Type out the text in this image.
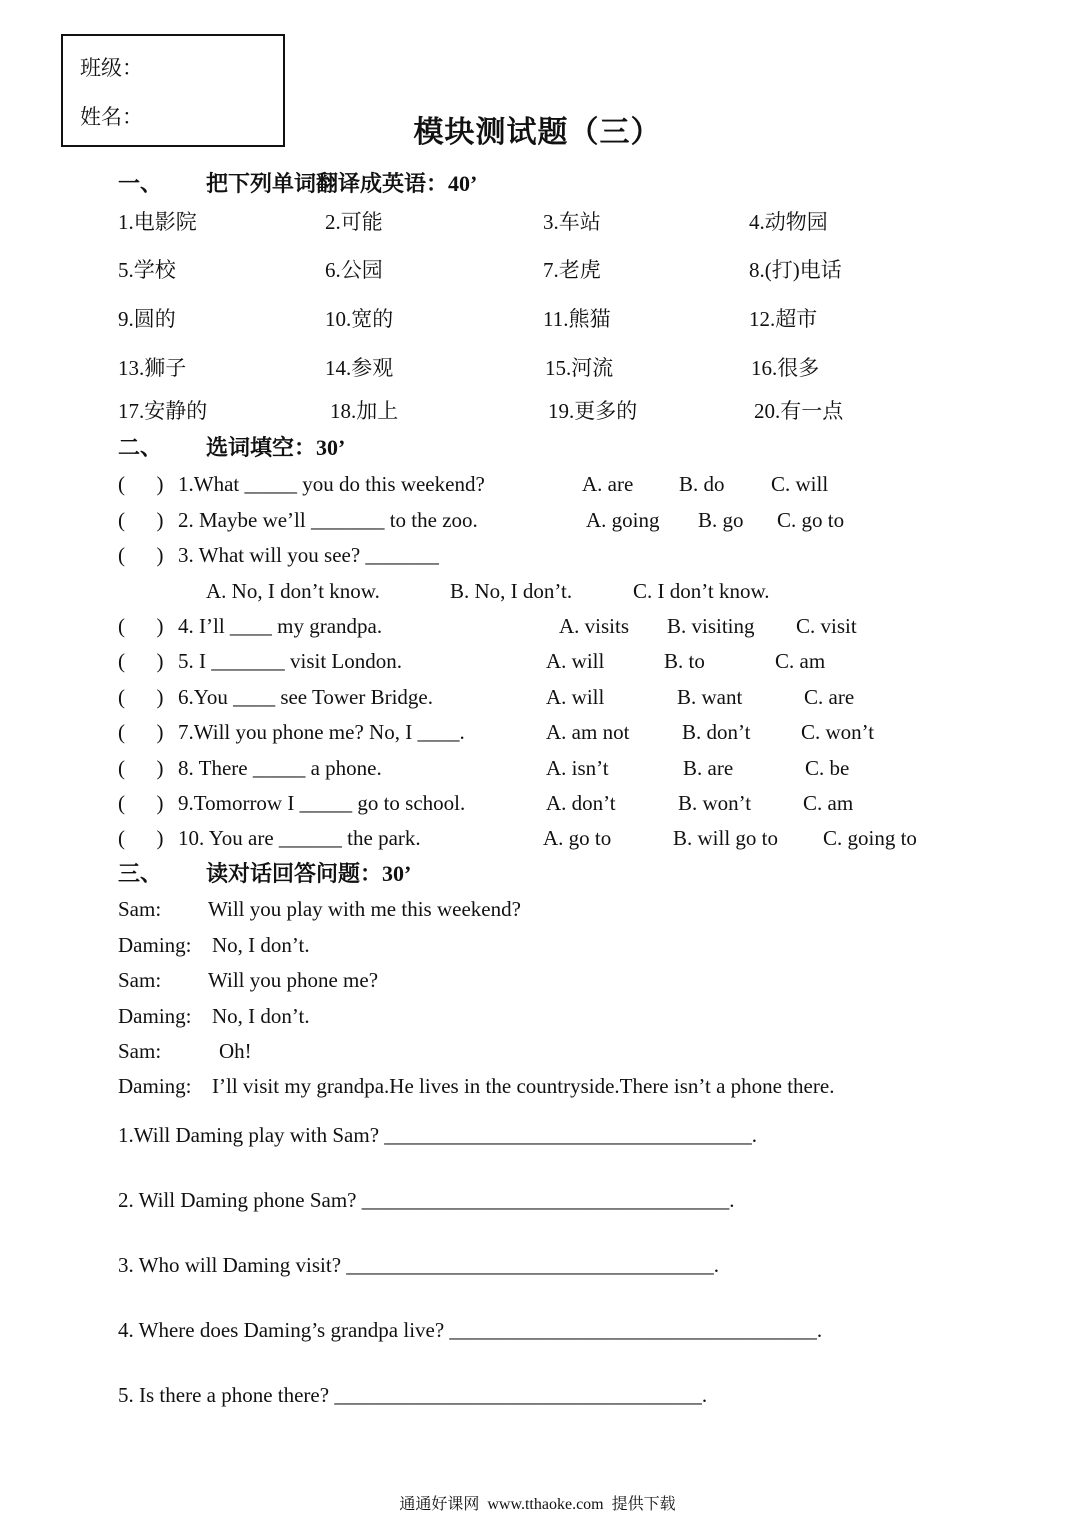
班级：
姓名：	模块测试题（三）
一、 把下列单词翻译成英语：40’
1.电影院	2.可能	3.车站	4.动物园
5.学校	6.公园	7.老虎	8.(打)电话
9.圆的	10.宽的	11.熊猫	12.超市
13.狮子	14.参观	15.河流	16.很多
17.安静的	18.加上	19.更多的	20.有一点
二、 选词填空：30’
(      ) 1.What _____ you do this weekend?	A. are B. do C. will
(      ) 2. Maybe we’ll _______ to the zoo.	A. going B. go C. go to
(      ) 3. What will you see? _______
A. No, I don’t know.	B. No, I don’t.	C. I don’t know.
(      ) 4. I’ll ____ my grandpa.	A. visits B. visiting C. visit
(      ) 5. I _______ visit London.	A. will	B. to	C. am
(      ) 6.You ____ see Tower Bridge.	A. will	B. want	C. are
(      ) 7.Will you phone me? No, I ____.	A. am not	B. don’t C. won’t
(      ) 8. There _____ a phone.	A. isn’t	B. are	C. be
(      ) 9.Tomorrow I _____ go to school.	A. don’t	B. won’t C. am
(      ) 10. You are ______ the park.	A. go to	B. will go to C. going to
三、 读对话回答问题：30’
Sam: Will you play with me this weekend?
Daming: No, I don’t.
Sam: Will you phone me?
Daming: No, I don’t.
Sam:	Oh!
Daming: I’ll visit my grandpa.He lives in the countryside.There isn’t a phone there.
1.Will Daming play with Sam? ___________________________________.
2. Will Daming phone Sam? ___________________________________.
3. Who will Daming visit? ___________________________________.
4. Where does Daming’s grandpa live? ___________________________________.
5. Is there a phone there? ___________________________________.
通通好课网  www.tthaoke.com  提供下载
